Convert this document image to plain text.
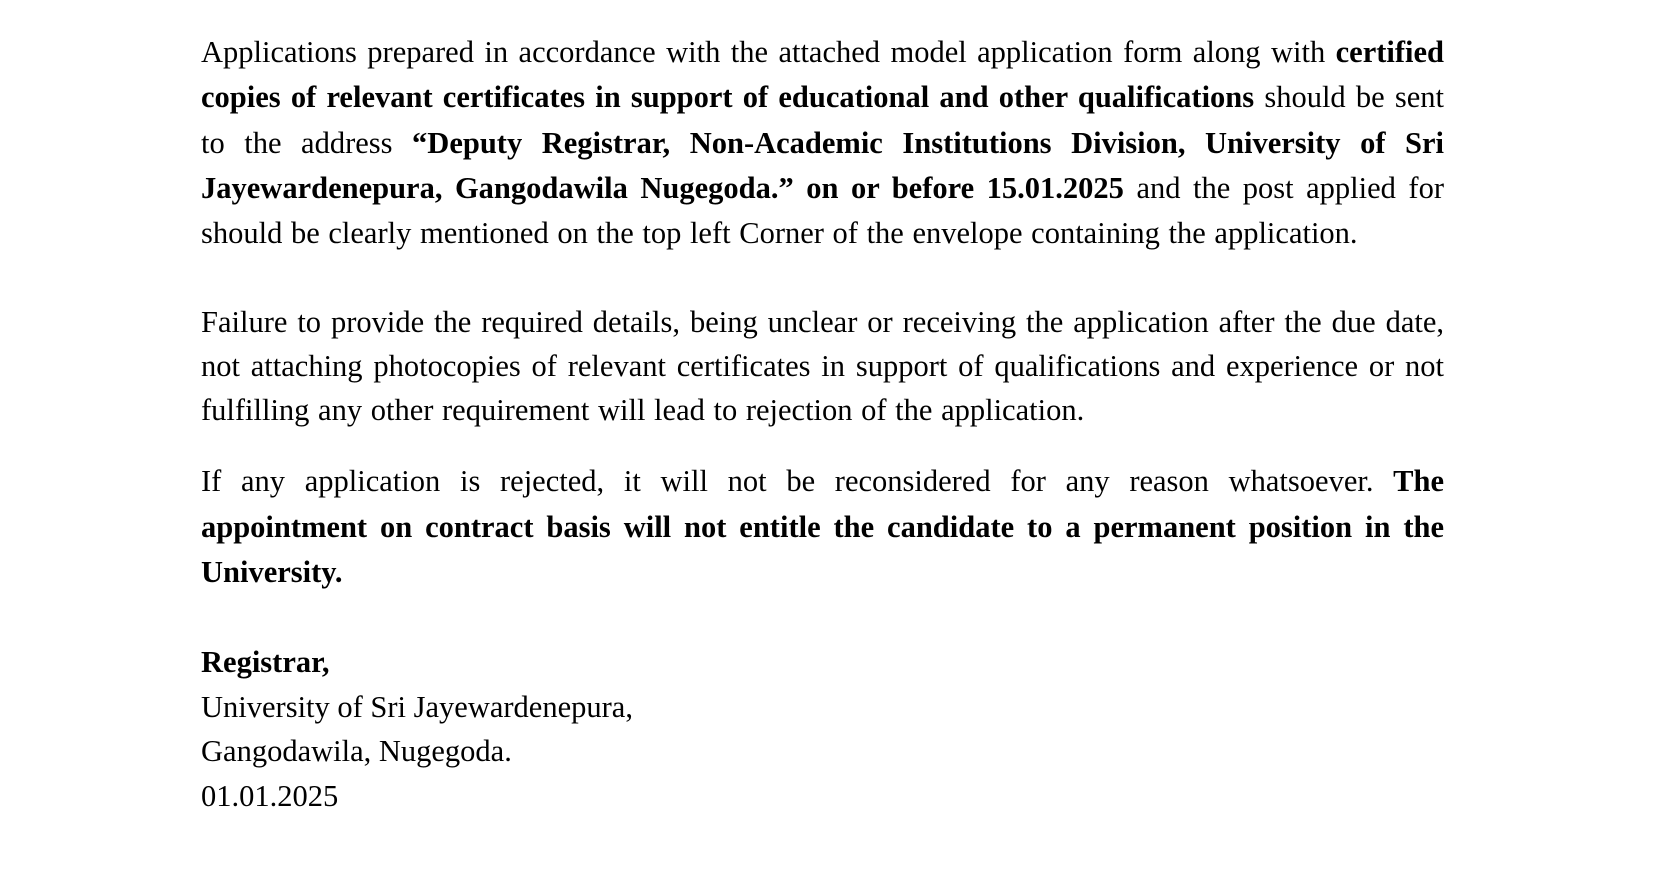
Applications prepared in accordance with the attached model application form along with certified copies of relevant certificates in support of educational and other qualifications should be sent to the address “Deputy Registrar, Non-Academic Institutions Division, University of Sri Jayewardenepura, Gangodawila Nugegoda.” on or before 15.01.2025 and the post applied for should be clearly mentioned on the top left Corner of the envelope containing the application.

Failure to provide the required details, being unclear or receiving the application after the due date, not attaching photocopies of relevant certificates in support of qualifications and experience or not fulfilling any other requirement will lead to rejection of the application.

If any application is rejected, it will not be reconsidered for any reason whatsoever. The appointment on contract basis will not entitle the candidate to a permanent position in the University.

Registrar,
University of Sri Jayewardenepura,
Gangodawila, Nugegoda.
01.01.2025
